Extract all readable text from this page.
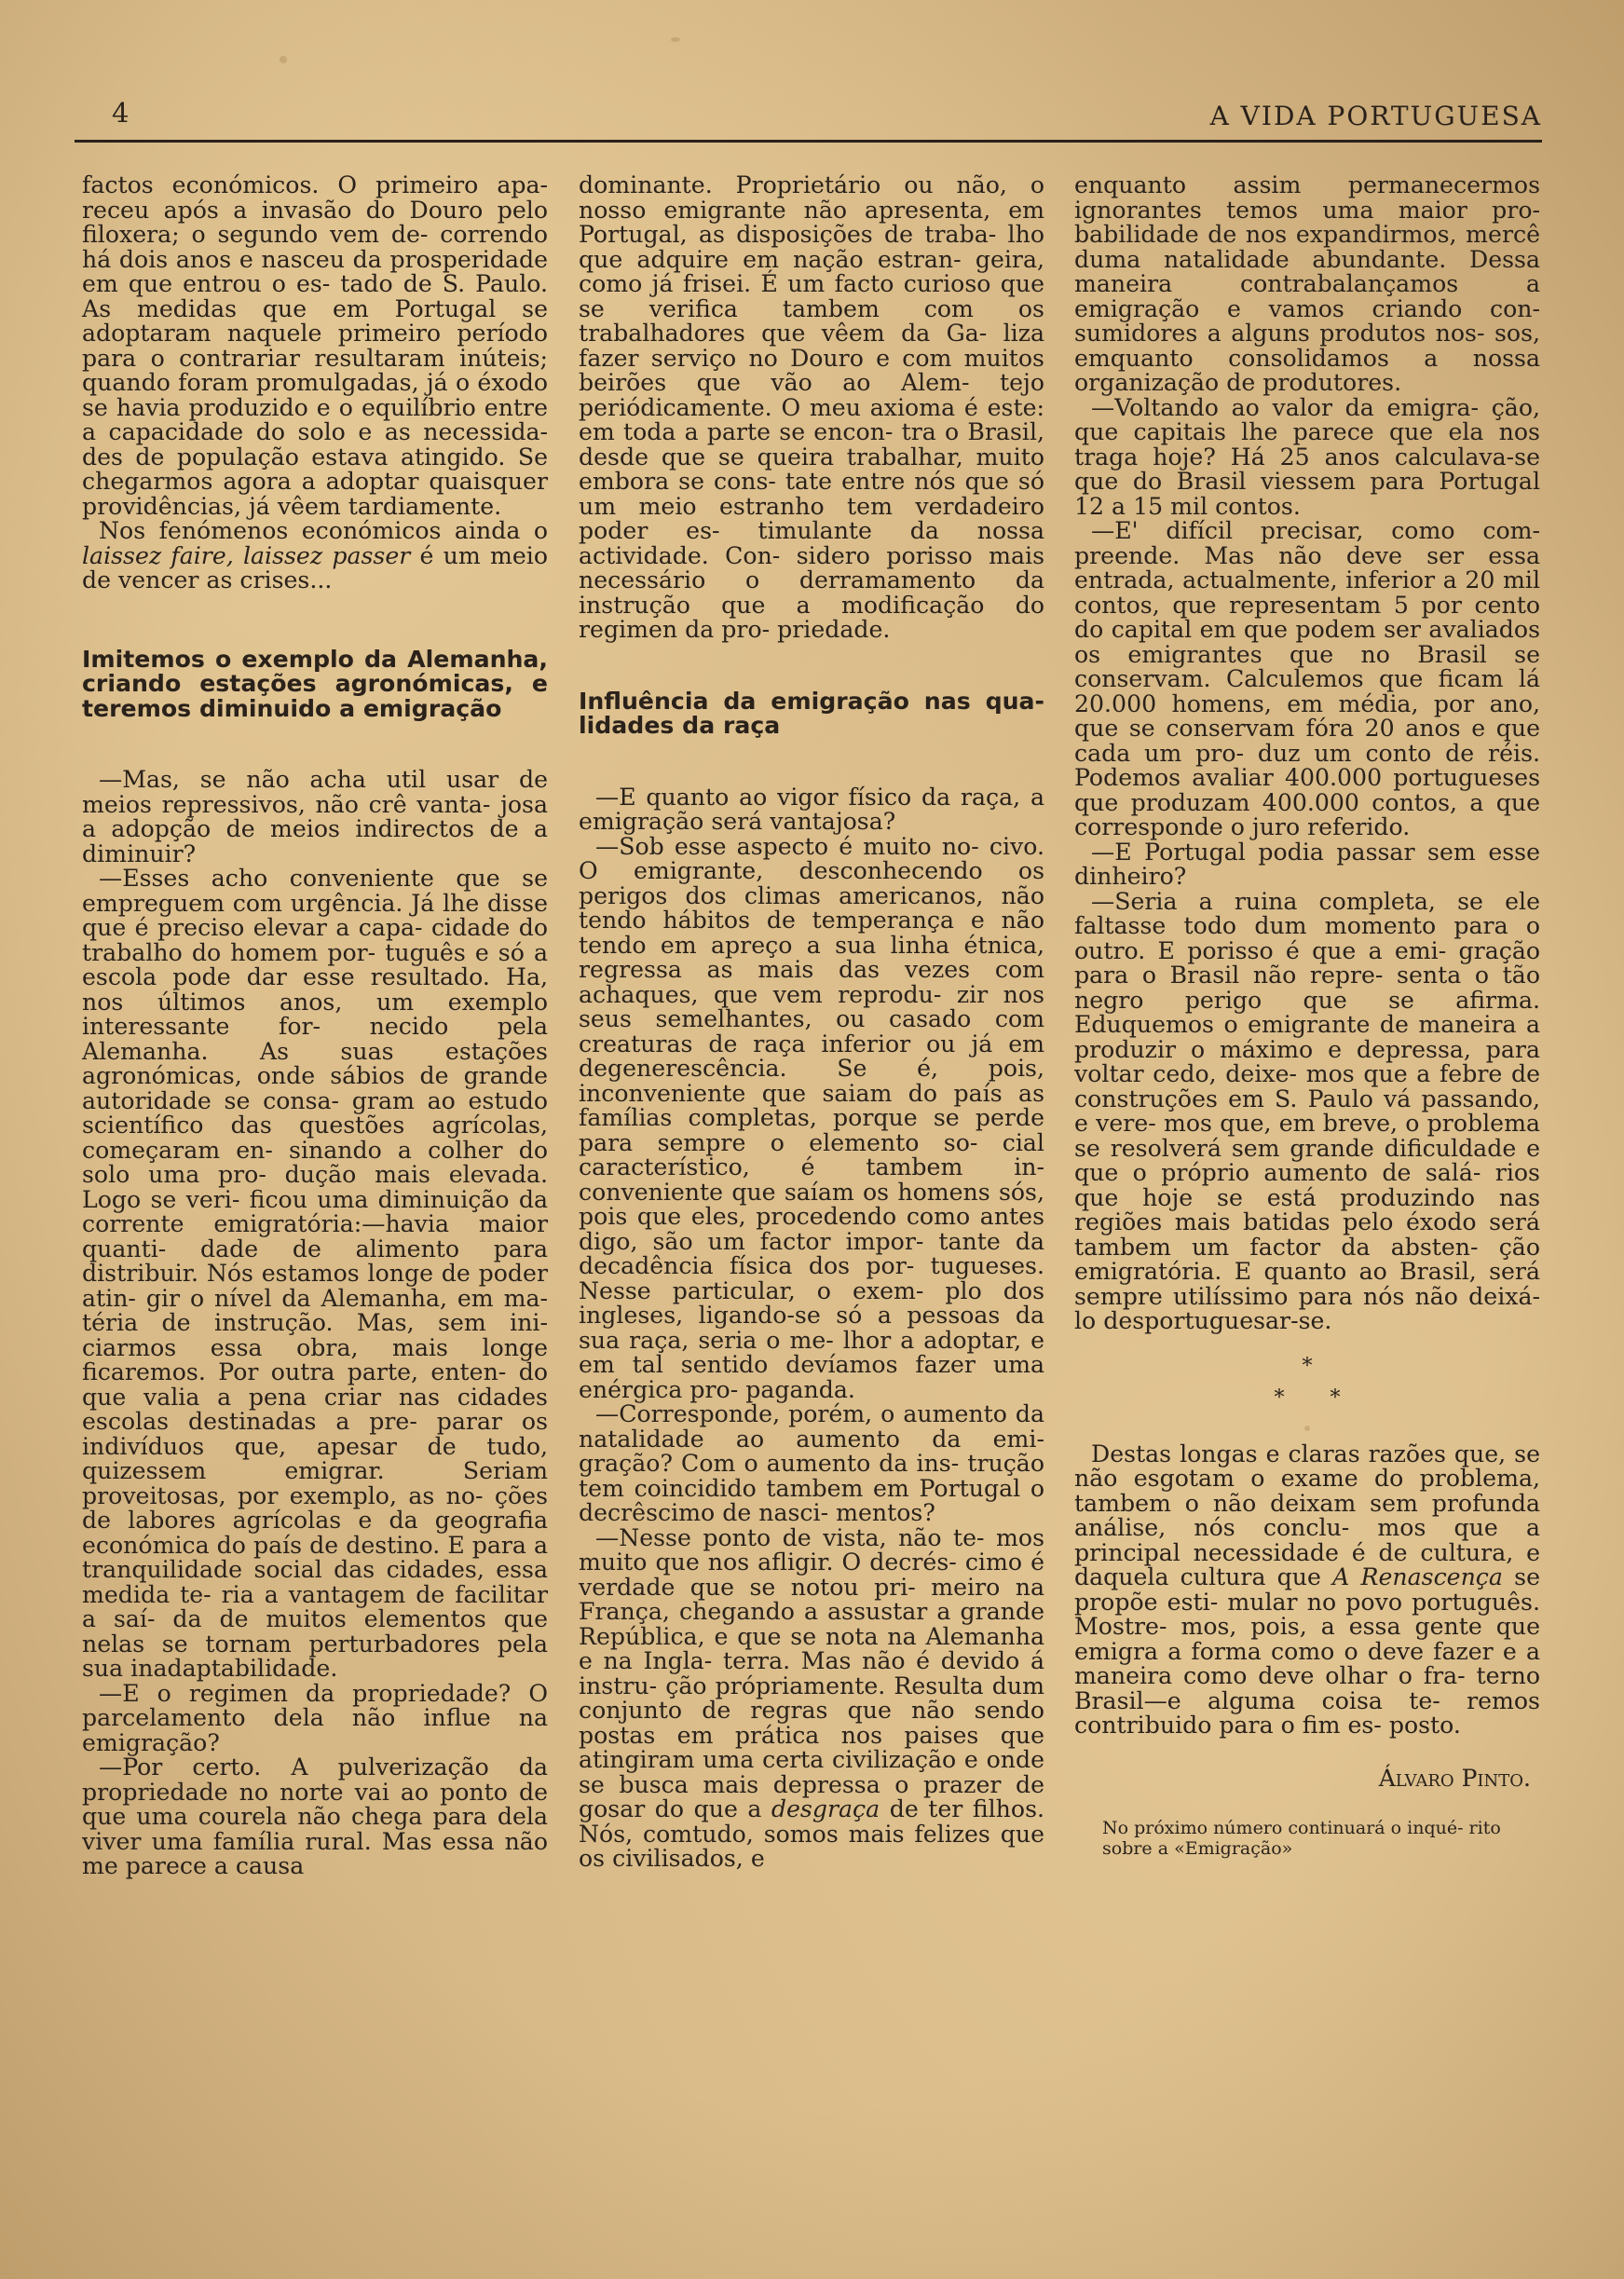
4	A VIDA PORTUGUESA

factos económicos. O primeiro apa- receu após a invasão do Douro pelo filoxera; o segundo vem de- correndo há dois anos e nasceu da prosperidade em que entrou o es- tado de S. Paulo. As medidas que em Portugal se adoptaram naquele primeiro período para o contrariar resultaram inúteis; quando foram promulgadas, já o éxodo se havia produzido e o equilíbrio entre a capacidade do solo e as necessida- des de população estava atingido. Se chegarmos agora a adoptar quaisquer providências, já vêem tardiamente.

Nos fenómenos económicos ainda o laissez faire, laissez passer é um meio de vencer as crises...

Imitemos o exemplo da Alemanha, criando estações agronómicas, e teremos diminuido a emigração

—Mas, se não acha util usar de meios repressivos, não crê vanta- josa a adopção de meios indirectos de a diminuir?

—Esses acho conveniente que se empreguem com urgência. Já lhe disse que é preciso elevar a capa- cidade do trabalho do homem por- tuguês e só a escola pode dar esse resultado. Ha, nos últimos anos, um exemplo interessante for- necido pela Alemanha. As suas estações agronómicas, onde sábios de grande autoridade se consa- gram ao estudo scientífico das questões agrícolas, começaram en- sinando a colher do solo uma pro- dução mais elevada. Logo se veri- ficou uma diminuição da corrente emigratória:—havia maior quanti- dade de alimento para distribuir. Nós estamos longe de poder atin- gir o nível da Alemanha, em ma- téria de instrução. Mas, sem ini- ciarmos essa obra, mais longe ficaremos. Por outra parte, enten- do que valia a pena criar nas cidades escolas destinadas a pre- parar os indivíduos que, apesar de tudo, quizessem emigrar. Seriam proveitosas, por exemplo, as no- ções de labores agrícolas e da geografia económica do país de destino. E para a tranquilidade social das cidades, essa medida te- ria a vantagem de facilitar a saí- da de muitos elementos que nelas se tornam perturbadores pela sua inadaptabilidade.

—E o regimen da propriedade? O parcelamento dela não influe na emigração?

—Por certo. A pulverização da propriedade no norte vai ao ponto de que uma courela não chega para dela viver uma família rural. Mas essa não me parece a causa

dominante. Proprietário ou não, o nosso emigrante não apresenta, em Portugal, as disposições de traba- lho que adquire em nação estran- geira, como já frisei. É um facto curioso que se verifica tambem com os trabalhadores que vêem da Ga- liza fazer serviço no Douro e com muitos beirões que vão ao Alem- tejo periódicamente. O meu axioma é este: em toda a parte se encon- tra o Brasil, desde que se queira trabalhar, muito embora se cons- tate entre nós que só um meio estranho tem verdadeiro poder es- timulante da nossa actividade. Con- sidero porisso mais necessário o derramamento da instrução que a modificação do regimen da pro- priedade.

Influência da emigração nas qua- lidades da raça

—E quanto ao vigor físico da raça, a emigração será vantajosa?

—Sob esse aspecto é muito no- civo. O emigrante, desconhecendo os perigos dos climas americanos, não tendo hábitos de temperança e não tendo em apreço a sua linha étnica, regressa as mais das vezes com achaques, que vem reprodu- zir nos seus semelhantes, ou casado com creaturas de raça inferior ou já em degenerescência. Se é, pois, inconveniente que saiam do país as famílias completas, porque se perde para sempre o elemento so- cial característico, é tambem in- conveniente que saíam os homens sós, pois que eles, procedendo como antes digo, são um factor impor- tante da decadência física dos por- tugueses. Nesse particular, o exem- plo dos ingleses, ligando-se só a pessoas da sua raça, seria o me- lhor a adoptar, e em tal sentido devíamos fazer uma enérgica pro- paganda.

—Corresponde, porém, o aumento da natalidade ao aumento da emi- gração? Com o aumento da ins- trução tem coincidido tambem em Portugal o decrêscimo de nasci- mentos?

—Nesse ponto de vista, não te- mos muito que nos afligir. O decrés- cimo é verdade que se notou pri- meiro na França, chegando a assustar a grande República, e que se nota na Alemanha e na Ingla- terra. Mas não é devido á instru- ção própriamente. Resulta dum conjunto de regras que não sendo postas em prática nos paises que atingiram uma certa civilização e onde se busca mais depressa o prazer de gosar do que a desgraça de ter filhos. Nós, comtudo, somos mais felizes que os civilisados, e

enquanto assim permanecermos ignorantes temos uma maior pro- babilidade de nos expandirmos, mercê duma natalidade abundante. Dessa maneira contrabalançamos a emigração e vamos criando con- sumidores a alguns produtos nos- sos, emquanto consolidamos a nossa organização de produtores.

—Voltando ao valor da emigra- ção, que capitais lhe parece que ela nos traga hoje? Há 25 anos calculava-se que do Brasil viessem para Portugal 12 a 15 mil contos.

—E' difícil precisar, como com- preende. Mas não deve ser essa entrada, actualmente, inferior a 20 mil contos, que representam 5 por cento do capital em que podem ser avaliados os emigrantes que no Brasil se conservam. Calculemos que ficam lá 20.000 homens, em média, por ano, que se conservam fóra 20 anos e que cada um pro- duz um conto de réis. Podemos avaliar 400.000 portugueses que produzam 400.000 contos, a que corresponde o juro referido.

—E Portugal podia passar sem esse dinheiro?

—Seria a ruina completa, se ele faltasse todo dum momento para o outro. E porisso é que a emi- gração para o Brasil não repre- senta o tão negro perigo que se afirma. Eduquemos o emigrante de maneira a produzir o máximo e depressa, para voltar cedo, deixe- mos que a febre de construções em S. Paulo vá passando, e vere- mos que, em breve, o problema se resolverá sem grande dificuldade e que o próprio aumento de salá- rios que hoje se está produzindo nas regiões mais batidas pelo éxodo será tambem um factor da absten- ção emigratória. E quanto ao Brasil, será sempre utilíssimo para nós não deixá-lo desportuguesar-se.

*
*       *

Destas longas e claras razões que, se não esgotam o exame do problema, tambem o não deixam sem profunda análise, nós conclu- mos que a principal necessidade é de cultura, e daquela cultura que A Renascença se propõe esti- mular no povo português. Mostre- mos, pois, a essa gente que emigra a forma como o deve fazer e a maneira como deve olhar o fra- terno Brasil—e alguma coisa te- remos contribuido para o fim es- posto.

Álvaro Pinto.
No próximo número continuará o inqué- rito sobre a «Emigração»
